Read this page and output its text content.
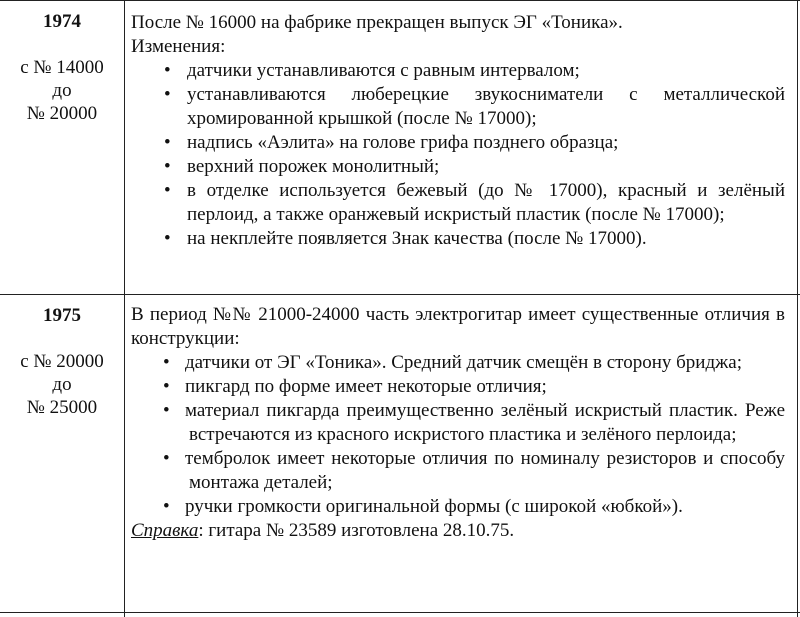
1974
с № 14000
до
№ 20000

После № 16000 на фабрике прекращен выпуск ЭГ «Тоника».

Изменения:

• датчики устанавливаются с равным интервалом;
• устанавливаются люберецкие звукосниматели с металлической хромированной крышкой (после № 17000);
• надпись «Аэлита» на голове грифа позднего образца;
• верхний порожек монолитный;
• в отделке используется бежевый (до № 17000), красный и зелёный перлоид, а также оранжевый искристый пластик (после № 17000);
• на некплейте появляется Знак качества (после № 17000).
1975
с № 20000
до
№ 25000

В период №№ 21000-24000 часть электрогитар имеет существенные отличия в конструкции:

• датчики от ЭГ «Тоника». Средний датчик смещён в сторону бриджа;
• пикгард по форме имеет некоторые отличия;
• материал пикгарда преимущественно зелёный искристый пластик. Реже встречаются из красного искристого пластика и зелёного перлоида;
• тембролок имеет некоторые отличия по номиналу резисторов и способу монтажа деталей;
• ручки громкости оригинальной формы (с широкой «юбкой»).

Справка: гитара № 23589 изготовлена 28.10.75.
